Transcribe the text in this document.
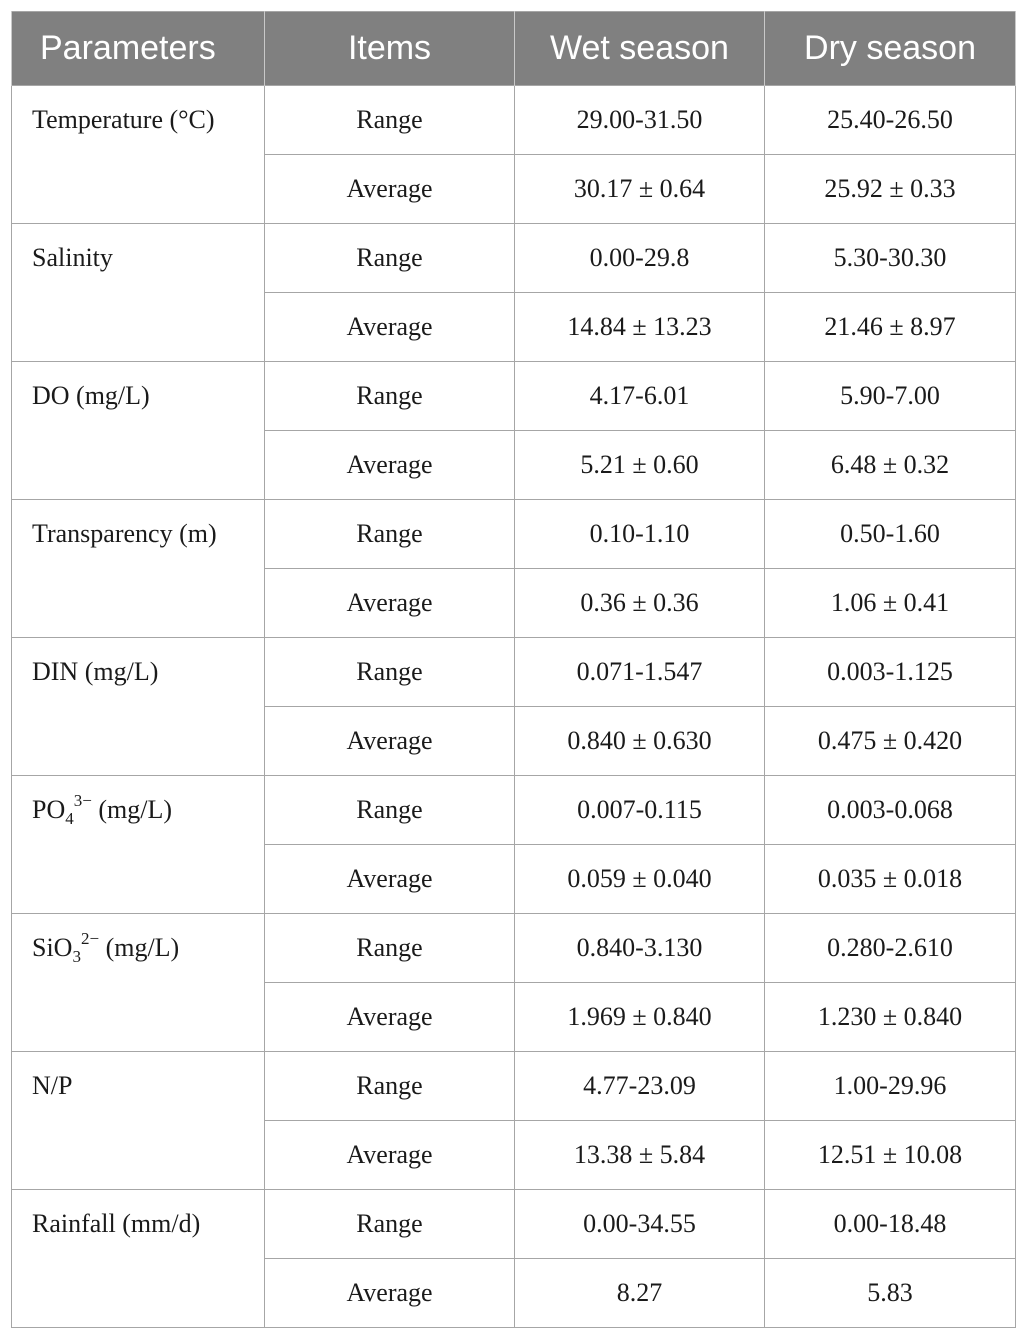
Parameters	Items	Wet season	Dry season
Temperature (°C)	Range	29.00-31.50	25.40-26.50
	Average	30.17 ± 0.64	25.92 ± 0.33
Salinity	Range	0.00-29.8	5.30-30.30
	Average	14.84 ± 13.23	21.46 ± 8.97
DO (mg/L)	Range	4.17-6.01	5.90-7.00
	Average	5.21 ± 0.60	6.48 ± 0.32
Transparency (m)	Range	0.10-1.10	0.50-1.60
	Average	0.36 ± 0.36	1.06 ± 0.41
DIN (mg/L)	Range	0.071-1.547	0.003-1.125
	Average	0.840 ± 0.630	0.475 ± 0.420
$PO_4^{3-}$ (mg/L)	Range	0.007-0.115	0.003-0.068
	Average	0.059 ± 0.040	0.035 ± 0.018
SiO$_3^{2-}$ (mg/L)	Range	0.840-3.130	0.280-2.610
	Average	1.969 ± 0.840	1.230 ± 0.840
N/P	Range	4.77-23.09	1.00-29.96
	Average	13.38 ± 5.84	12.51 ± 10.08
Rainfall (mm/d)	Range	0.00-34.55	0.00-18.48
	Average	8.27	5.83
